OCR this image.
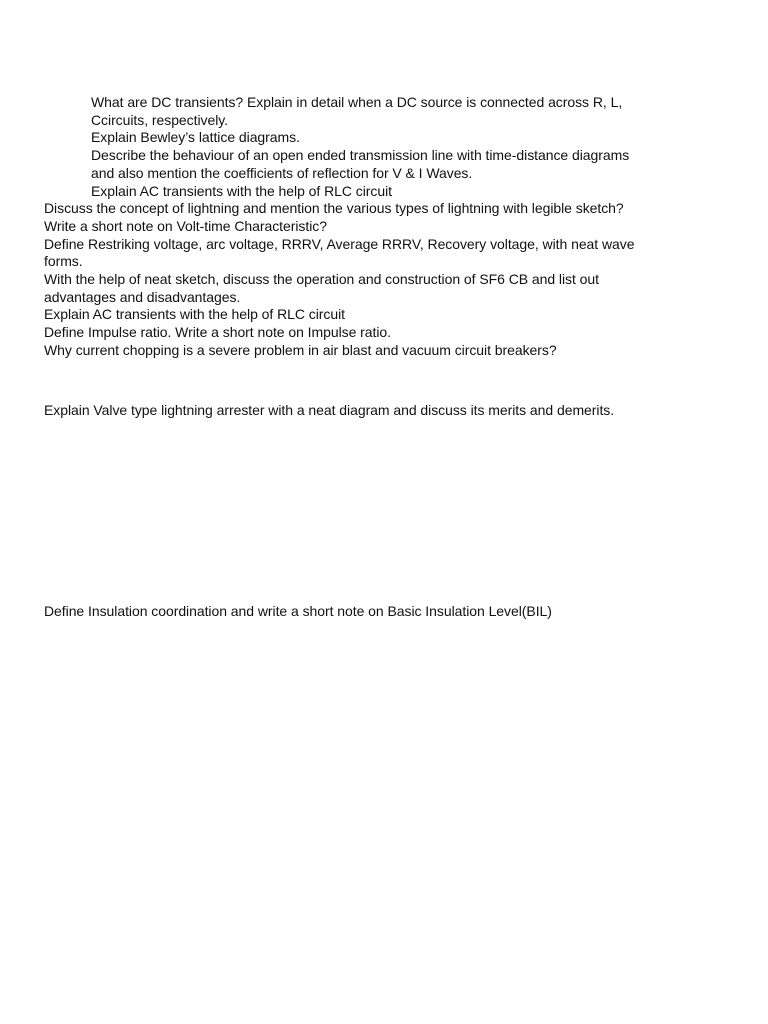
What are DC transients? Explain in detail when a DC source is connected across R, L,
Ccircuits, respectively.
Explain Bewley’s lattice diagrams.
Describe the behaviour of an open ended transmission line with time-distance diagrams
and also mention the coefficients of reflection for V & I Waves.
Explain AC transients with the help of RLC circuit
Discuss the concept of lightning and mention the various types of lightning with legible sketch?
Write a short note on Volt-time Characteristic?
Define Restriking voltage, arc voltage, RRRV, Average RRRV, Recovery voltage, with neat wave
forms.
With the help of neat sketch, discuss the operation and construction of SF6 CB and list out
advantages and disadvantages.
Explain AC transients with the help of RLC circuit
Define Impulse ratio. Write a short note on Impulse ratio.
Why current chopping is a severe problem in air blast and vacuum circuit breakers?
Explain Valve type lightning arrester with a neat diagram and discuss its merits and demerits.
Define Insulation coordination and write a short note on Basic Insulation Level(BIL)
